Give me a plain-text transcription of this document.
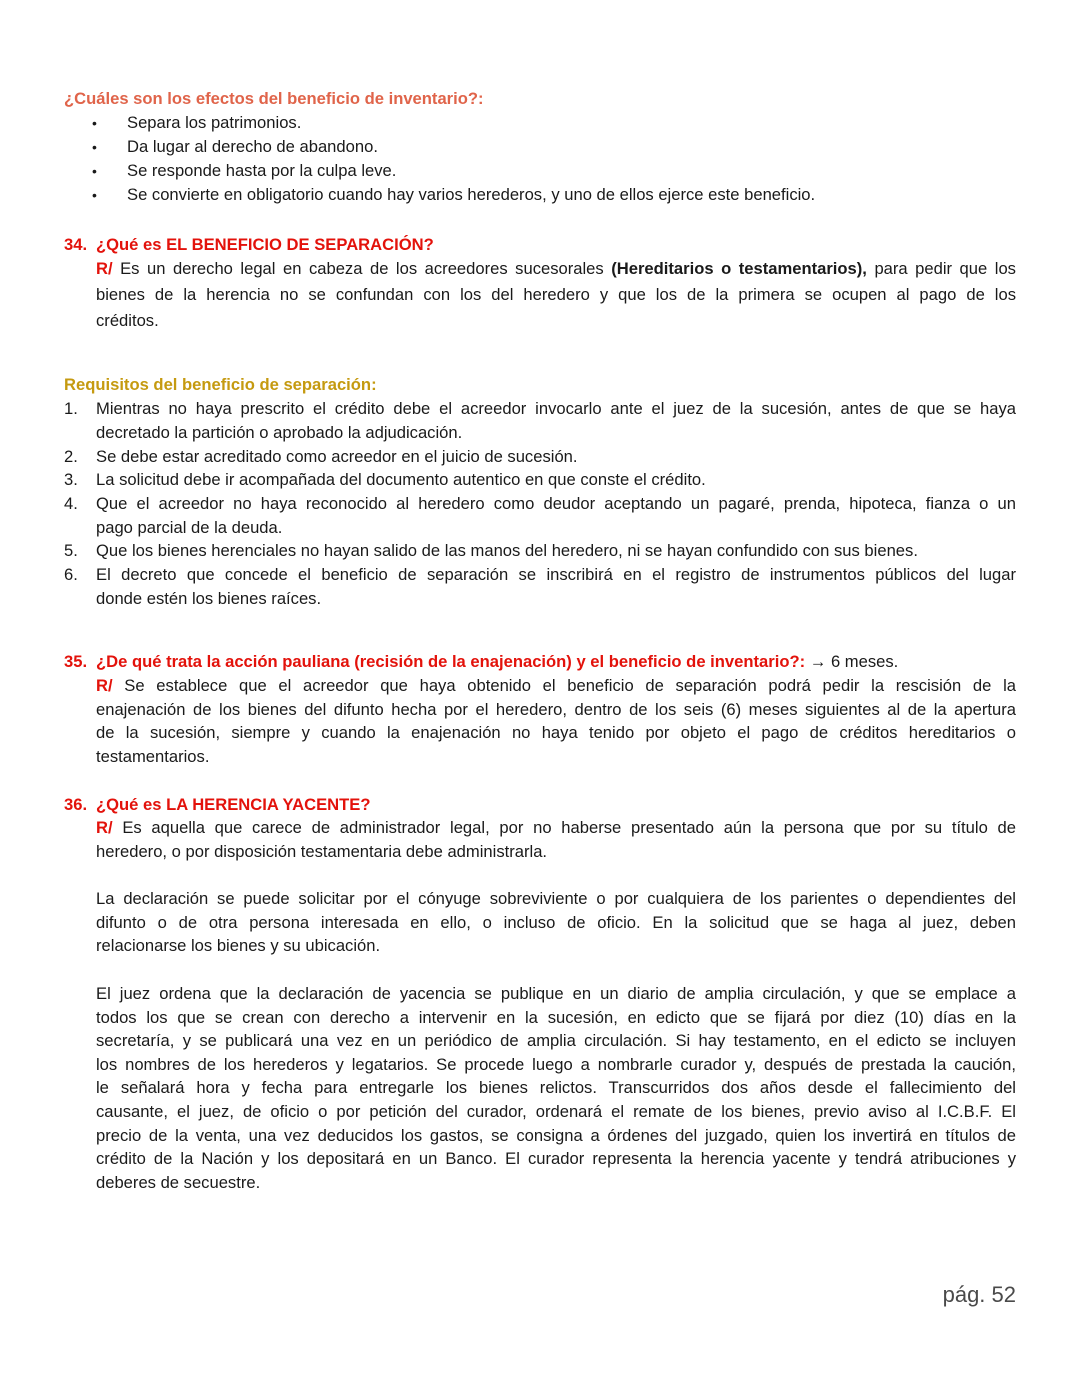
¿Cuáles son los efectos del beneficio de inventario?:
•	Separa los patrimonios.
•	Da lugar al derecho de abandono.
•	Se responde hasta por la culpa leve.
•	Se convierte en obligatorio cuando hay varios herederos, y uno de ellos ejerce este beneficio.
34. ¿Qué es EL BENEFICIO DE SEPARACIÓN?
R/ Es un derecho legal en cabeza de los acreedores sucesorales (Hereditarios o testamentarios), para pedir que los
bienes de la herencia no se confundan con los del heredero y que los de la primera se ocupen al pago de los
créditos.
Requisitos del beneficio de separación:
1. Mientras no haya prescrito el crédito debe el acreedor invocarlo ante el juez de la sucesión, antes de que se haya
decretado la partición o aprobado la adjudicación.
2. Se debe estar acreditado como acreedor en el juicio de sucesión.
3. La solicitud debe ir acompañada del documento autentico en que conste el crédito.
4. Que el acreedor no haya reconocido al heredero como deudor aceptando un pagaré, prenda, hipoteca, fianza o un
pago parcial de la deuda.
5. Que los bienes herenciales no hayan salido de las manos del heredero, ni se hayan confundido con sus bienes.
6. El decreto que concede el beneficio de separación se inscribirá en el registro de instrumentos públicos del lugar
donde estén los bienes raíces.
35. ¿De qué trata la acción pauliana (recisión de la enajenación) y el beneficio de inventario?: → 6 meses.
R/ Se establece que el acreedor que haya obtenido el beneficio de separación podrá pedir la rescisión de la
enajenación de los bienes del difunto hecha por el heredero, dentro de los seis (6) meses siguientes al de la apertura
de la sucesión, siempre y cuando la enajenación no haya tenido por objeto el pago de créditos hereditarios o
testamentarios.
36. ¿Qué es LA HERENCIA YACENTE?
R/ Es aquella que carece de administrador legal, por no haberse presentado aún la persona que por su título de
heredero, o por disposición testamentaria debe administrarla.
La declaración se puede solicitar por el cónyuge sobreviviente o por cualquiera de los parientes o dependientes del
difunto o de otra persona interesada en ello, o incluso de oficio. En la solicitud que se haga al juez, deben
relacionarse los bienes y su ubicación.
El juez ordena que la declaración de yacencia se publique en un diario de amplia circulación, y que se emplace a
todos los que se crean con derecho a intervenir en la sucesión, en edicto que se fijará por diez (10) días en la
secretaría, y se publicará una vez en un periódico de amplia circulación. Si hay testamento, en el edicto se incluyen
los nombres de los herederos y legatarios. Se procede luego a nombrarle curador y, después de prestada la caución,
le señalará hora y fecha para entregarle los bienes relictos. Transcurridos dos años desde el fallecimiento del
causante, el juez, de oficio o por petición del curador, ordenará el remate de los bienes, previo aviso al I.C.B.F. El
precio de la venta, una vez deducidos los gastos, se consigna a órdenes del juzgado, quien los invertirá en títulos de
crédito de la Nación y los depositará en un Banco. El curador representa la herencia yacente y tendrá atribuciones y
deberes de secuestre.
pág. 52
